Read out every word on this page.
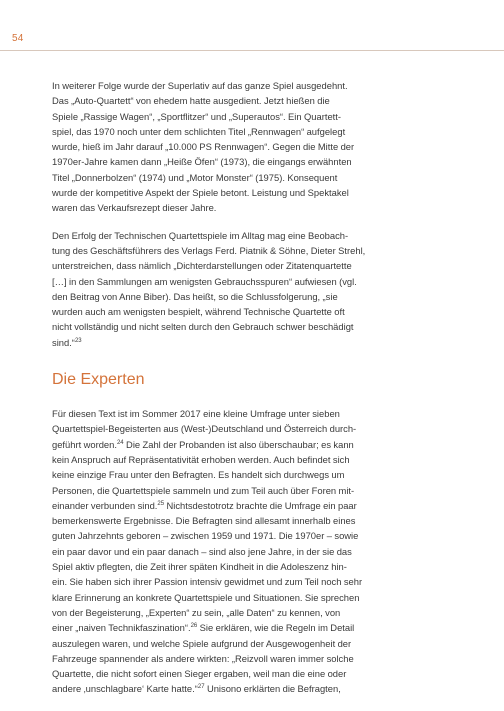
54

In weiterer Folge wurde der Superlativ auf das ganze Spiel ausgedehnt.
Das „Auto-Quartett“ von ehedem hatte ausgedient. Jetzt hießen die
Spiele „Rassige Wagen“, „Sportflitzer“ und „Superautos“. Ein Quartett-
spiel, das 1970 noch unter dem schlichten Titel „Rennwagen“ aufgelegt
wurde, hieß im Jahr darauf „10.000 PS Rennwagen“. Gegen die Mitte der
1970er-Jahre kamen dann „Heiße Öfen“ (1973), die eingangs erwähnten
Titel „Donnerbolzen“ (1974) und „Motor Monster“ (1975). Konsequent
wurde der kompetitive Aspekt der Spiele betont. Leistung und Spektakel
waren das Verkaufsrezept dieser Jahre.

Den Erfolg der Technischen Quartettspiele im Alltag mag eine Beobach-
tung des Geschäftsführers des Verlags Ferd. Piatnik & Söhne, Dieter Strehl,
unterstreichen, dass nämlich „Dichterdarstellungen oder Zitatenquartette
[…] in den Sammlungen am wenigsten Gebrauchsspuren“ aufwiesen (vgl.
den Beitrag von Anne Biber). Das heißt, so die Schlussfolgerung, „sie
wurden auch am wenigsten bespielt, während Technische Quartette oft
nicht vollständig und nicht selten durch den Gebrauch schwer beschädigt
sind.“$^{23}$

Die Experten

Für diesen Text ist im Sommer 2017 eine kleine Umfrage unter sieben
Quartettspiel-Begeisterten aus (West-)Deutschland und Österreich durch-
geführt worden.$^{24}$ Die Zahl der Probanden ist also überschaubar; es kann
kein Anspruch auf Repräsentativität erhoben werden. Auch befindet sich
keine einzige Frau unter den Befragten. Es handelt sich durchwegs um
Personen, die Quartettspiele sammeln und zum Teil auch über Foren mit-
einander verbunden sind.$^{25}$ Nichtsdestotrotz brachte die Umfrage ein paar
bemerkenswerte Ergebnisse. Die Befragten sind allesamt innerhalb eines
guten Jahrzehnts geboren – zwischen 1959 und 1971. Die 1970er – sowie
ein paar davor und ein paar danach – sind also jene Jahre, in der sie das
Spiel aktiv pflegten, die Zeit ihrer späten Kindheit in die Adoleszenz hin-
ein. Sie haben sich ihrer Passion intensiv gewidmet und zum Teil noch sehr
klare Erinnerung an konkrete Quartettspiele und Situationen. Sie sprechen
von der Begeisterung, „Experten“ zu sein, „alle Daten“ zu kennen, von
einer „naiven Technikfaszination“.$^{26}$ Sie erklären, wie die Regeln im Detail
auszulegen waren, und welche Spiele aufgrund der Ausgewogenheit der
Fahrzeuge spannender als andere wirkten: „Reizvoll waren immer solche
Quartette, die nicht sofort einen Sieger ergaben, weil man die eine oder
andere ‚unschlagbare‘ Karte hatte.“$^{27}$ Unisono erklärten die Befragten,
